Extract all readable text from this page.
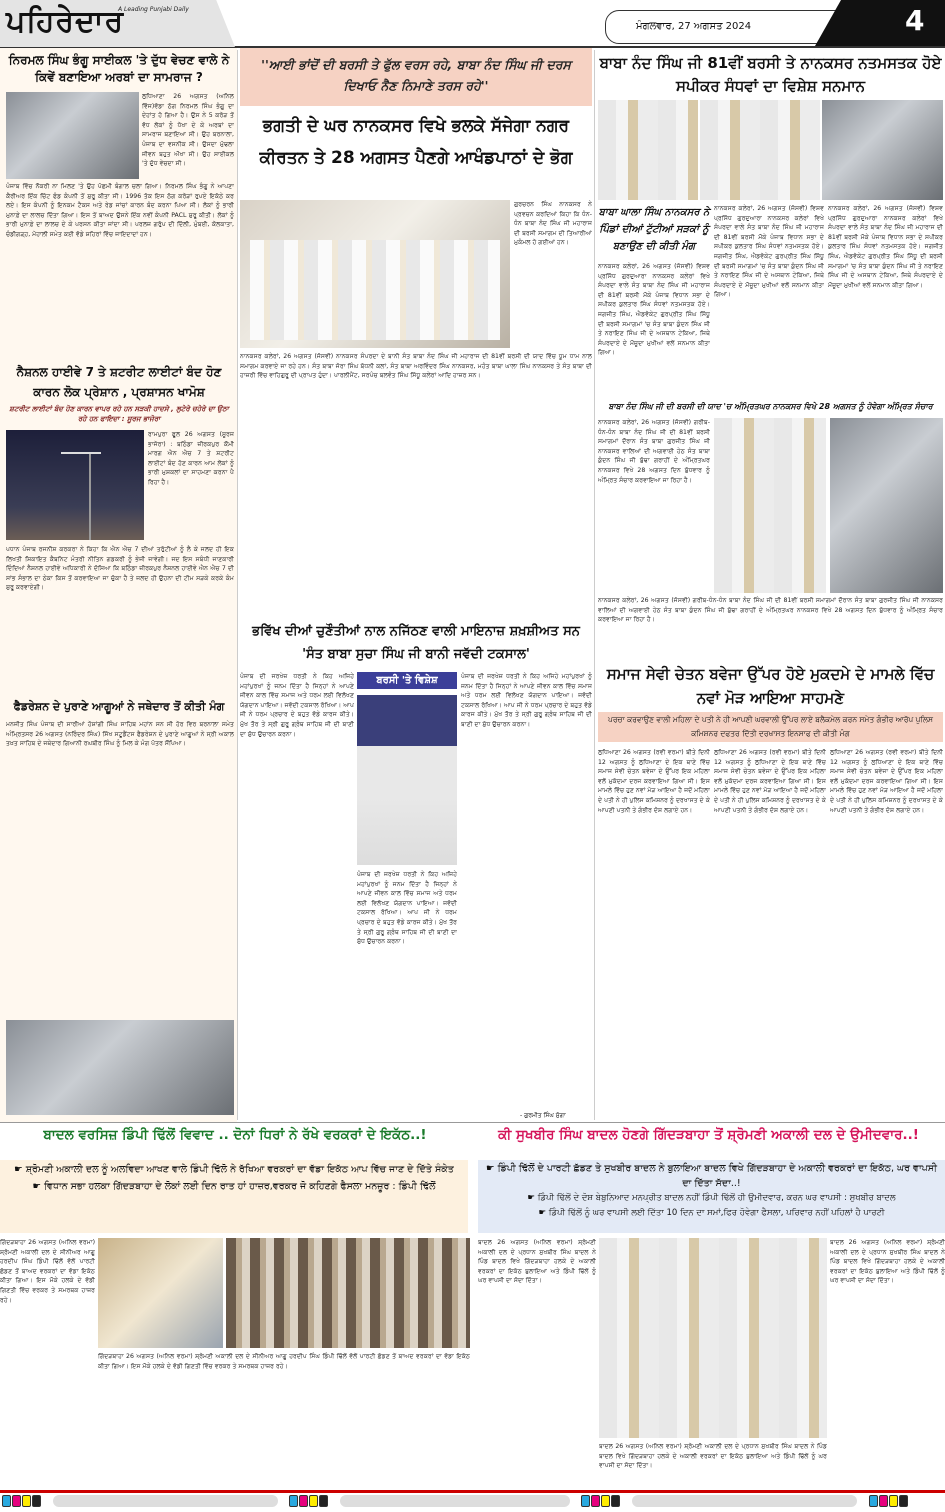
ਪਹਿਰੇਦਾਰ
A Leading Punjabi Daily
ਮੰਗਲਵਾਰ, 27 ਅਗਸਤ 2024	4
ਨਿਰਮਲ ਸਿੰਘ ਭੰਗੂ ਸਾਈਕਲ 'ਤੇ ਦੁੱਧ ਵੇਚਣ ਵਾਲੇ ਨੇ ਕਿਵੇਂ ਬਣਾਇਆ ਅਰਬਾਂ ਦਾ ਸਾਮਰਾਜ ?
ਲੁਧਿਆਣਾ 26 ਅਗਸਤ (ਅਨਿਲ ਵਿੱਜ)ਵੱਡਾ ਠੱਗ ਨਿਰਮਲ ਸਿੰਘ ਭੰਗੂ ਦਾ ਦੇਹਾਂਤ ਹੋ ਗਿਆ ਹੈ। ਉਸ ਨੇ 5 ਕਰੋੜ ਤੋਂ ਵੱਧ ਲੋਕਾਂ ਨੂੰ ਧੋਖਾ ਦੇ ਕੇ ਅਰਬਾਂ ਦਾ ਸਾਮਰਾਜ ਬਣਾਇਆ ਸੀ। ਉਹ ਬਰਨਾਲਾ, ਪੰਜਾਬ ਦਾ ਵਸਨੀਕ ਸੀ। ਉਸਦਾ ਮੁੱਢਲਾ ਜੀਵਨ ਬਹੁਤ ਔਖਾ ਸੀ। ਉਹ ਸਾਈਕਲ 'ਤੇ ਦੁੱਧ ਵੇਚਦਾ ਸੀ।
ਪੰਜਾਬ ਵਿੱਚ ਨੌਕਰੀ ਨਾ ਮਿਲਣ 'ਤੇ ਉਹ ਪੱਛਮੀ ਬੰਗਾਲ ਚਲਾ ਗਿਆ। ਨਿਰਮਲ ਸਿੰਘ ਭੰਗੂ ਨੇ ਆਪਣਾ ਕੈਰੀਅਰ ਇੱਕ ਚਿੱਟ ਫੰਡ ਕੰਪਨੀ ਤੋਂ ਸ਼ੁਰੂ ਕੀਤਾ ਸੀ। 1996 ਤੱਕ ਇਸ ਠੱਗ ਕਰੋੜਾਂ ਰੁਪਏ ਇਕੱਠੇ ਕਰ ਲਏ। ਇਸ ਕੰਪਨੀ ਨੂੰ ਇਨਕਮ ਟੈਕਸ ਅਤੇ ਰੇਡ ਜਾਂਚਾਂ ਕਾਰਨ ਬੰਦ ਕਰਨਾ ਪਿਆ ਸੀ। ਲੋਕਾਂ ਨੂੰ ਭਾਰੀ ਮੁਨਾਫ਼ੇ ਦਾ ਲਾਲਚ ਦਿੱਤਾ ਗਿਆ। ਇਸ ਤੋਂ ਬਾਅਦ ਉਸਨੇ ਇੱਕ ਨਵੀਂ ਕੰਪਨੀ PACL ਸ਼ੁਰੂ ਕੀਤੀ। ਲੋਕਾਂ ਨੂੰ ਭਾਰੀ ਮੁਨਾਫ਼ੇ ਦਾ ਲਾਲਚ ਦੇ ਕੇ ਪਰਸਨ ਕੀਤਾ ਜਾਂਦਾ ਸੀ। ਪਰਲਜ਼ ਗਰੁੱਪ ਦੀ ਦਿੱਲੀ, ਮੁੰਬਈ, ਕੋਲਕਾਤਾ, ਚੰਡੀਗੜ੍ਹ, ਮੋਹਾਲੀ ਸਮੇਤ ਕਈ ਵੱਡੇ ਸ਼ਹਿਰਾਂ ਵਿੱਚ ਜਾਇਦਾਦਾਂ ਹਨ।
ਨੈਸ਼ਨਲ ਹਾਈਵੇ 7 ਤੇ ਸ਼ਟਰੀਟ ਲਾਈਟਾਂ ਬੰਦ ਹੋਣ ਕਾਰਨ ਲੋਕ ਪ੍ਰੇਸ਼ਾਨ , ਪ੍ਰਸ਼ਾਸਨ ਖਾਮੋਸ਼
ਸ਼ਟਰੀਟ ਲਾਈਟਾਂ ਬੰਦ ਹੋਣ ਕਾਰਨ ਵਾਪਰ ਰਹੇ ਹਨ ਸੜਕੀ ਹਾਦਸੇ , ਲੁਟੇਰੇ ਚਹੇਰੇ ਦਾ ਉਠਾ ਰਹੇ ਹਨ ਫਾਇਦਾ : ਸੂਰਜ ਭਾਜੋਰਾ
ਰਾਮਪੁਰਾ ਫੂਲ 26 ਅਗਸਤ (ਸੂਰਜ ਭਾਜੋਰਾ) : ਬਠਿੰਡਾ ਜ਼ੀਰਕਪੁਰ ਕੌਮੀ ਮਾਰਗ ਐਨ ਐਚ 7 ਤੇ ਸ਼ਟਰੀਟ ਲਾਈਟਾਂ ਬੰਦ ਹੋਣ ਕਾਰਨ ਆਮ ਲੋਕਾਂ ਨੂੰ ਭਾਰੀ ਮੁਸ਼ਕਲਾਂ ਦਾ ਸਾਹਮਣਾ ਕਰਨਾ ਪੈ ਰਿਹਾ ਹੈ।
ਪਧਾਨ ਪੰਜਾਬ ਰਜਨੀਸ਼ ਕਰਕਰਾ ਨੇ ਕਿਹਾ ਕਿ ਐਨ ਐਚ 7 ਦੀਆਂ ਤਰੁੱਟੀਆਂ ਨੂੰ ਲੈ ਕੇ ਜਲਦ ਹੀ ਇਕ ਲਿਖਤੀ ਸ਼ਿਕਾਇਤ ਕੈਬਨਿਟ ਮੰਤਰੀ ਨੀਤਿਨ ਗਡਕਰੀ ਨੂੰ ਭੇਜੀ ਜਾਵੇਗੀ। ਜਦ ਇਸ ਸਬੰਧੀ ਜਾਣਕਾਰੀ ਦਿੰਦਿਆਂ ਨੈਸ਼ਨਲ ਹਾਈਵੇ ਅਧਿਕਾਰੀ ਨੇ ਦੱਸਿਆ ਕਿ ਬਠਿੰਡਾ ਜ਼ੀਰਕਪੁਰ ਨੈਸ਼ਨਲ ਹਾਈਵੇ ਐਨ ਐਚ 7 ਦੀ ਸਾਂਭ ਸੰਭਾਲ ਦਾ ਠੇਕਾ ਕਿਸ ਤੋਂ ਕਰਵਾਇਆ ਜਾ ਚੁੱਕਾ ਹੈ ਤੇ ਜਲਦ ਹੀ ਉਹਨਾ ਦੀ ਟੀਮ ਸੜਕੇ ਕਰਕੇ ਕੰਮ ਸ਼ੁਰੂ ਕਰਵਾਏਗੀ।
ਫੈਡਰੇਸ਼ਨ ਦੇ ਪੁਰਾਣੇ ਆਗੂਆਂ ਨੇ ਜਥੇਦਾਰ ਤੋਂ ਕੀਤੀ ਮੰਗ
ਮਨਜੀਤ ਸਿੰਘ ਪੰਜਾਬ ਦੀ ਸਾਰੀਆਂ ਹੋਸ਼ਾਂਗੀ ਸਿੰਘ ਸਾਹਿਬ ਮਹਾਂਨ ਸਨ ਸੀ ਹੋਰ ਵਿਰ ਬਰਨਾਲਾ ਸਮੇਤ ਅੰਮ੍ਰਿਤਸਰ 26 ਅਗਸਤ (ਨਰਿੰਦਰ ਸਿੰਘ) ਸਿੱਖ ਸਟੂਡੈਂਟਸ ਫੈਡਰੇਸ਼ਨ ਦੇ ਪੁਰਾਣੇ ਆਗੂਆਂ ਨੇ ਸ੍ਰੀ ਅਕਾਲ ਤਖ਼ਤ ਸਾਹਿਬ ਦੇ ਜਥੇਦਾਰ ਗਿਆਨੀ ਰਘਬੀਰ ਸਿੰਘ ਨੂੰ ਮਿਲ ਕੇ ਮੰਗ ਪੱਤਰ ਸੌਂਪਿਆ।
''ਆਈ ਭਾਂਦੋਂ ਦੀ ਬਰਸੀ ਤੇ ਫੁੱਲ ਵਰਸ ਰਹੇ, ਬਾਬਾ ਨੰਦ ਸਿੰਘ ਜੀ ਦਰਸ ਦਿਖਾਓ ਨੈਣ ਨਿਮਾਣੇ ਤਰਸ ਰਹੇ''
ਭਗਤੀ ਦੇ ਘਰ ਨਾਨਕਸਰ ਵਿਖੇ ਭਲਕੇ ਸੱਜੇਗਾ ਨਗਰ ਕੀਰਤਨ ਤੇ 28 ਅਗਸਤ ਪੈਣਗੇ ਆਖੰਡਪਾਠਾਂ ਦੇ ਭੋਗ
ਗੁਰਚਰਨ ਸਿੰਘ ਨਾਨਕਸਰ ਨੇ ਪ੍ਰਵਚਨ ਕਰਦਿਆਂ ਕਿਹਾ ਕਿ ਧੰਨ-ਧੰਨ ਬਾਬਾ ਨੰਦ ਸਿੰਘ ਜੀ ਮਹਾਰਾਜ ਦੀ ਬਰਸੀ ਸਮਾਗਮ ਦੀ ਤਿਆਰੀਆਂ ਮੁਕੰਮਲ ਹੋ ਗਈਆਂ ਹਨ।
ਨਾਨਕਸਰ ਕਲੇਰਾਂ, 26 ਅਗਸਤ (ਜੱਸਵੀ) ਨਾਨਕਸਰ ਸੰਪਰਦਾ ਦੇ ਬਾਨੀ ਸੰਤ ਬਾਬਾ ਨੰਦ ਸਿੰਘ ਜੀ ਮਹਾਰਾਜ ਦੀ 81ਵੀਂ ਬਰਸੀ ਦੀ ਯਾਦ ਵਿੱਚ ਧੂਮ ਧਾਮ ਨਾਲ ਸਮਾਗਮ ਕਰਵਾਏ ਜਾ ਰਹੇ ਹਨ। ਸੰਤ ਬਾਬਾ ਜੋਰਾ ਸਿੰਘ ਬੱਧਨੀ ਕਲਾਂ, ਸੰਤ ਬਾਬਾ ਅਰਵਿੰਦਰ ਸਿੰਘ ਨਾਨਕਸਰ, ਮਹੰਤ ਬਾਬਾ ਘਾਲਾ ਸਿੰਘ ਨਾਨਕਸਰ ਤੇ ਸੰਤ ਬਾਬਾ ਦੀ ਹਾਜ਼ਰੀ ਵਿੱਚ ਵਾਹਿਗੁਰੂ ਦੀ ਪ੍ਰਾਪਤ ਹੁੰਦਾ। ਪਾਰਲੀਮੈਂਟ, ਸਰਪੰਚ ਬਲਵੰਤ ਸਿੰਘ ਸਿੱਧੂ ਕਲੇਰਾਂ ਆਦਿ ਹਾਜ਼ਰ ਸਨ।
ਭਵਿੱਖ ਦੀਆਂ ਚੁਣੌਤੀਆਂ ਨਾਲ ਨਜਿੱਠਣ ਵਾਲੀ ਮਾਇਨਾਜ਼ ਸ਼ਖ਼ਸ਼ੀਅਤ ਸਨ 'ਸੰਤ ਬਾਬਾ ਸੁਚਾ ਸਿੰਘ ਜੀ ਬਾਨੀ ਜਵੱਦੀ ਟਕਸਾਲ'
ਪੰਜਾਬ ਦੀ ਜਰਖੇਜ਼ ਧਰਤੀ ਨੇ ਕਿਹ ਅਜਿਹੇ ਮਹਾਂਪੁਰਖਾਂ ਨੂੰ ਜਨਮ ਦਿੱਤਾ ਹੈ ਜਿਨ੍ਹਾਂ ਨੇ ਆਪਣੇ ਜੀਵਨ ਕਾਲ ਵਿੱਚ ਸਮਾਜ ਅਤੇ ਧਰਮ ਲਈ ਵਿਲੱਖਣ ਯੋਗਦਾਨ ਪਾਇਆ। ਜਵੱਦੀ ਟਕਸਾਲ ਰੱਖਿਆ। ਆਪ ਜੀ ਨੇ ਧਰਮ ਪ੍ਰਚਾਰ ਦੇ ਬਹੁਤ ਵੱਡੇ ਕਾਰਜ ਕੀਤੇ। ਮੁੱਖ ਤੌਰ ਤੇ ਸ੍ਰੀ ਗੁਰੂ ਗ੍ਰੰਥ ਸਾਹਿਬ ਜੀ ਦੀ ਬਾਣੀ ਦਾ ਸ਼ੁੱਧ ਉਚਾਰਨ ਕਰਨਾ।
ਬਰਸੀ 'ਤੇ ਵਿਸ਼ੇਸ਼	ਪੰਜਾਬ ਦੀ ਜਰਖੇਜ਼ ਧਰਤੀ ਨੇ ਕਿਹ ਅਜਿਹੇ ਮਹਾਂਪੁਰਖਾਂ ਨੂੰ ਜਨਮ ਦਿੱਤਾ ਹੈ ਜਿਨ੍ਹਾਂ ਨੇ ਆਪਣੇ ਜੀਵਨ ਕਾਲ ਵਿੱਚ ਸਮਾਜ ਅਤੇ ਧਰਮ ਲਈ ਵਿਲੱਖਣ ਯੋਗਦਾਨ ਪਾਇਆ। ਜਵੱਦੀ ਟਕਸਾਲ ਰੱਖਿਆ। ਆਪ ਜੀ ਨੇ ਧਰਮ ਪ੍ਰਚਾਰ ਦੇ ਬਹੁਤ ਵੱਡੇ ਕਾਰਜ ਕੀਤੇ। ਮੁੱਖ ਤੌਰ ਤੇ ਸ੍ਰੀ ਗੁਰੂ ਗ੍ਰੰਥ ਸਾਹਿਬ ਜੀ ਦੀ ਬਾਣੀ ਦਾ ਸ਼ੁੱਧ ਉਚਾਰਨ ਕਰਨਾ।
ਪੰਜਾਬ ਦੀ ਜਰਖੇਜ਼ ਧਰਤੀ ਨੇ ਕਿਹ ਅਜਿਹੇ ਮਹਾਂਪੁਰਖਾਂ ਨੂੰ ਜਨਮ ਦਿੱਤਾ ਹੈ ਜਿਨ੍ਹਾਂ ਨੇ ਆਪਣੇ ਜੀਵਨ ਕਾਲ ਵਿੱਚ ਸਮਾਜ ਅਤੇ ਧਰਮ ਲਈ ਵਿਲੱਖਣ ਯੋਗਦਾਨ ਪਾਇਆ। ਜਵੱਦੀ ਟਕਸਾਲ ਰੱਖਿਆ। ਆਪ ਜੀ ਨੇ ਧਰਮ ਪ੍ਰਚਾਰ ਦੇ ਬਹੁਤ ਵੱਡੇ ਕਾਰਜ ਕੀਤੇ। ਮੁੱਖ ਤੌਰ ਤੇ ਸ੍ਰੀ ਗੁਰੂ ਗ੍ਰੰਥ ਸਾਹਿਬ ਜੀ ਦੀ ਬਾਣੀ ਦਾ ਸ਼ੁੱਧ ਉਚਾਰਨ ਕਰਨਾ।
- ਗੁਰਮੀਤ ਸਿੰਘ ਸੁੱਗਾ
ਬਾਬਾ ਨੰਦ ਸਿੰਘ ਜੀ 81ਵੀਂ ਬਰਸੀ ਤੇ ਨਾਨਕਸਰ ਨਤਮਸਤਕ ਹੋਏ ਸਪੀਕਰ ਸੰਧਵਾਂ ਦਾ ਵਿਸ਼ੇਸ਼ ਸਨਮਾਨ
ਬਾਬਾ ਘਾਲਾ ਸਿੰਘ ਨਾਨਕਸਰ ਨੇ ਪਿੰਡਾਂ ਦੀਆਂ ਟੁੱਟੀਆਂ ਸੜਕਾਂ ਨੂੰ ਬਣਾਉਣ ਦੀ ਕੀਤੀ ਮੰਗ
ਨਾਨਕਸਰ ਕਲੇਰਾਂ, 26 ਅਗਸਤ (ਜੱਸਵੀ) ਵਿਸ਼ਵ ਪ੍ਰਸਿੱਧ ਗੁਰਦੁਆਰਾ ਨਾਨਕਸਰ ਕਲੇਰਾਂ ਵਿਖੇ ਸੰਪਰਦਾ ਵਾਲੇ ਸੰਤ ਬਾਬਾ ਨੰਦ ਸਿੰਘ ਜੀ ਮਹਾਰਾਜ ਦੀ 81ਵੀਂ ਬਰਸੀ ਮੌਕੇ ਪੰਜਾਬ ਵਿਧਾਨ ਸਭਾ ਦੇ ਸਪੀਕਰ ਕੁਲਤਾਰ ਸਿੰਘ ਸੰਧਵਾਂ ਨਤਮਸਤਕ ਹੋਏ। ਜਗਜੀਤ ਸਿੰਘ, ਐਡਵੋਕੇਟ ਗੁਰਪ੍ਰੀਤ ਸਿੰਘ ਸਿੱਧੂ ਦੀ ਬਰਸੀ ਸਮਾਗਮਾਂ 'ਚ ਸੰਤ ਬਾਬਾ ਕੁੰਦਨ ਸਿੰਘ ਜੀ ਤੇ ਨਰਾਇਣ ਸਿੰਘ ਜੀ ਦੇ ਅਸਥਾਨ ਟੇਕਿਆ, ਜਿਥੇ ਸੰਪਰਦਾਏ ਦੇ ਮੌਜੂਦਾ ਮੁਖੀਆਂ ਵਲੋਂ ਸਨਮਾਨ ਕੀਤਾ ਗਿਆ।
ਨਾਨਕਸਰ ਕਲੇਰਾਂ, 26 ਅਗਸਤ (ਜੱਸਵੀ) ਵਿਸ਼ਵ ਪ੍ਰਸਿੱਧ ਗੁਰਦੁਆਰਾ ਨਾਨਕਸਰ ਕਲੇਰਾਂ ਵਿਖੇ ਸੰਪਰਦਾ ਵਾਲੇ ਸੰਤ ਬਾਬਾ ਨੰਦ ਸਿੰਘ ਜੀ ਮਹਾਰਾਜ ਦੀ 81ਵੀਂ ਬਰਸੀ ਮੌਕੇ ਪੰਜਾਬ ਵਿਧਾਨ ਸਭਾ ਦੇ ਸਪੀਕਰ ਕੁਲਤਾਰ ਸਿੰਘ ਸੰਧਵਾਂ ਨਤਮਸਤਕ ਹੋਏ। ਜਗਜੀਤ ਸਿੰਘ, ਐਡਵੋਕੇਟ ਗੁਰਪ੍ਰੀਤ ਸਿੰਘ ਸਿੱਧੂ ਦੀ ਬਰਸੀ ਸਮਾਗਮਾਂ 'ਚ ਸੰਤ ਬਾਬਾ ਕੁੰਦਨ ਸਿੰਘ ਜੀ ਤੇ ਨਰਾਇਣ ਸਿੰਘ ਜੀ ਦੇ ਅਸਥਾਨ ਟੇਕਿਆ, ਜਿਥੇ ਸੰਪਰਦਾਏ ਦੇ ਮੌਜੂਦਾ ਮੁਖੀਆਂ ਵਲੋਂ ਸਨਮਾਨ ਕੀਤਾ ਗਿਆ।
ਨਾਨਕਸਰ ਕਲੇਰਾਂ, 26 ਅਗਸਤ (ਜੱਸਵੀ) ਵਿਸ਼ਵ ਪ੍ਰਸਿੱਧ ਗੁਰਦੁਆਰਾ ਨਾਨਕਸਰ ਕਲੇਰਾਂ ਵਿਖੇ ਸੰਪਰਦਾ ਵਾਲੇ ਸੰਤ ਬਾਬਾ ਨੰਦ ਸਿੰਘ ਜੀ ਮਹਾਰਾਜ ਦੀ 81ਵੀਂ ਬਰਸੀ ਮੌਕੇ ਪੰਜਾਬ ਵਿਧਾਨ ਸਭਾ ਦੇ ਸਪੀਕਰ ਕੁਲਤਾਰ ਸਿੰਘ ਸੰਧਵਾਂ ਨਤਮਸਤਕ ਹੋਏ। ਜਗਜੀਤ ਸਿੰਘ, ਐਡਵੋਕੇਟ ਗੁਰਪ੍ਰੀਤ ਸਿੰਘ ਸਿੱਧੂ ਦੀ ਬਰਸੀ ਸਮਾਗਮਾਂ 'ਚ ਸੰਤ ਬਾਬਾ ਕੁੰਦਨ ਸਿੰਘ ਜੀ ਤੇ ਨਰਾਇਣ ਸਿੰਘ ਜੀ ਦੇ ਅਸਥਾਨ ਟੇਕਿਆ, ਜਿਥੇ ਸੰਪਰਦਾਏ ਦੇ ਮੌਜੂਦਾ ਮੁਖੀਆਂ ਵਲੋਂ ਸਨਮਾਨ ਕੀਤਾ ਗਿਆ।
ਬਾਬਾ ਨੰਦ ਸਿੰਘ ਜੀ ਦੀ ਬਰਸੀ ਦੀ ਯਾਦ 'ਚ ਅੰਮ੍ਰਿਤਘਰ ਨਾਨਕਸਰ ਵਿਖੇ 28 ਅਗਸਤ ਨੂੰ ਹੋਵੇਗਾ ਅੰਮ੍ਰਿਤ ਸੰਚਾਰ
ਨਾਨਕਸਰ ਕਲੇਰਾਂ, 26 ਅਗਸਤ (ਜੱਸਵੀ) ਗਰੀਬ-ਧੰਨ-ਧੰਨ ਬਾਬਾ ਨੰਦ ਸਿੰਘ ਜੀ ਦੀ 81ਵੀਂ ਬਰਸੀ ਸਮਾਗਮਾਂ ਦੌਰਾਨ ਸੰਤ ਬਾਬਾ ਗੁਰਜੀਤ ਸਿੰਘ ਜੀ ਨਾਨਕਸਰ ਵਾਲਿਆਂ ਦੀ ਅਗਵਾਈ ਹੇਠ ਸੰਤ ਬਾਬਾ ਕੁੰਦਨ ਸਿੰਘ ਜੀ ਬੁੱਢਾ ਗਰਾਹੀਂ ਦੇ ਅੰਮ੍ਰਿਤਘਰ ਨਾਨਕਸਰ ਵਿਖੇ 28 ਅਗਸਤ ਦਿਨ ਬੁੱਧਵਾਰ ਨੂੰ ਅੰਮ੍ਰਿਤ ਸੰਚਾਰ ਕਰਵਾਇਆ ਜਾ ਰਿਹਾ ਹੈ।
ਨਾਨਕਸਰ ਕਲੇਰਾਂ, 26 ਅਗਸਤ (ਜੱਸਵੀ) ਗਰੀਬ-ਧੰਨ-ਧੰਨ ਬਾਬਾ ਨੰਦ ਸਿੰਘ ਜੀ ਦੀ 81ਵੀਂ ਬਰਸੀ ਸਮਾਗਮਾਂ ਦੌਰਾਨ ਸੰਤ ਬਾਬਾ ਗੁਰਜੀਤ ਸਿੰਘ ਜੀ ਨਾਨਕਸਰ ਵਾਲਿਆਂ ਦੀ ਅਗਵਾਈ ਹੇਠ ਸੰਤ ਬਾਬਾ ਕੁੰਦਨ ਸਿੰਘ ਜੀ ਬੁੱਢਾ ਗਰਾਹੀਂ ਦੇ ਅੰਮ੍ਰਿਤਘਰ ਨਾਨਕਸਰ ਵਿਖੇ 28 ਅਗਸਤ ਦਿਨ ਬੁੱਧਵਾਰ ਨੂੰ ਅੰਮ੍ਰਿਤ ਸੰਚਾਰ ਕਰਵਾਇਆ ਜਾ ਰਿਹਾ ਹੈ।
ਸਮਾਜ ਸੇਵੀ ਚੇਤਨ ਬਵੇਜਾ ਉੱਪਰ ਹੋਏ ਮੁਕਦਮੇ ਦੇ ਮਾਮਲੇ ਵਿੱਚ ਨਵਾਂ ਮੋੜ ਆਇਆ ਸਾਹਮਣੇ
ਪਰਚਾ ਕਰਵਾਉਣ ਵਾਲੀ ਮਹਿਲਾ ਦੇ ਪਤੀ ਨੇ ਹੀ ਆਪਣੀ ਘਰਵਾਲੀ ਉੱਪਰ ਲਾਏ ਬਲੈਕਮੇਲ ਕਰਨ ਸਮੇਤ ਗੰਭੀਰ ਆਰੋਪ ਪੁਲਿਸ ਕਮਿਸ਼ਨਰ ਦਫਤਰ ਦਿੱਤੀ ਦਰਖਾਸਤ ਇਨਸਾਫ ਦੀ ਕੀਤੀ ਮੰਗ
ਲੁਧਿਆਣਾ 26 ਅਗਸਤ (ਰਵੀ ਵਰਮਾ) ਬੀਤੇ ਦਿਨੀ 12 ਅਗਸਤ ਨੂੰ ਲੁਧਿਆਣਾ ਦੇ ਇਕ ਥਾਣੇ ਵਿੱਚ ਸਮਾਜ ਸੇਵੀ ਚੇਤਨ ਬਵੇਜਾ ਦੇ ਉੱਪਰ ਇਕ ਮਹਿਲਾ ਵਲੋਂ ਮੁਕੱਦਮਾ ਦਰਜ ਕਰਵਾਇਆ ਗਿਆ ਸੀ। ਇਸ ਮਾਮਲੇ ਵਿੱਚ ਹੁਣ ਨਵਾਂ ਮੋੜ ਆਇਆ ਹੈ ਜਦੋਂ ਮਹਿਲਾ ਦੇ ਪਤੀ ਨੇ ਹੀ ਪੁਲਿਸ ਕਮਿਸ਼ਨਰ ਨੂੰ ਦਰਖਾਸਤ ਦੇ ਕੇ ਆਪਣੀ ਪਤਨੀ ਤੇ ਗੰਭੀਰ ਦੋਸ਼ ਲਗਾਏ ਹਨ।
ਲੁਧਿਆਣਾ 26 ਅਗਸਤ (ਰਵੀ ਵਰਮਾ) ਬੀਤੇ ਦਿਨੀ 12 ਅਗਸਤ ਨੂੰ ਲੁਧਿਆਣਾ ਦੇ ਇਕ ਥਾਣੇ ਵਿੱਚ ਸਮਾਜ ਸੇਵੀ ਚੇਤਨ ਬਵੇਜਾ ਦੇ ਉੱਪਰ ਇਕ ਮਹਿਲਾ ਵਲੋਂ ਮੁਕੱਦਮਾ ਦਰਜ ਕਰਵਾਇਆ ਗਿਆ ਸੀ। ਇਸ ਮਾਮਲੇ ਵਿੱਚ ਹੁਣ ਨਵਾਂ ਮੋੜ ਆਇਆ ਹੈ ਜਦੋਂ ਮਹਿਲਾ ਦੇ ਪਤੀ ਨੇ ਹੀ ਪੁਲਿਸ ਕਮਿਸ਼ਨਰ ਨੂੰ ਦਰਖਾਸਤ ਦੇ ਕੇ ਆਪਣੀ ਪਤਨੀ ਤੇ ਗੰਭੀਰ ਦੋਸ਼ ਲਗਾਏ ਹਨ।
ਲੁਧਿਆਣਾ 26 ਅਗਸਤ (ਰਵੀ ਵਰਮਾ) ਬੀਤੇ ਦਿਨੀ 12 ਅਗਸਤ ਨੂੰ ਲੁਧਿਆਣਾ ਦੇ ਇਕ ਥਾਣੇ ਵਿੱਚ ਸਮਾਜ ਸੇਵੀ ਚੇਤਨ ਬਵੇਜਾ ਦੇ ਉੱਪਰ ਇਕ ਮਹਿਲਾ ਵਲੋਂ ਮੁਕੱਦਮਾ ਦਰਜ ਕਰਵਾਇਆ ਗਿਆ ਸੀ। ਇਸ ਮਾਮਲੇ ਵਿੱਚ ਹੁਣ ਨਵਾਂ ਮੋੜ ਆਇਆ ਹੈ ਜਦੋਂ ਮਹਿਲਾ ਦੇ ਪਤੀ ਨੇ ਹੀ ਪੁਲਿਸ ਕਮਿਸ਼ਨਰ ਨੂੰ ਦਰਖਾਸਤ ਦੇ ਕੇ ਆਪਣੀ ਪਤਨੀ ਤੇ ਗੰਭੀਰ ਦੋਸ਼ ਲਗਾਏ ਹਨ।
ਬਾਦਲ ਵਰਸਿਜ਼ ਡਿੰਪੀ ਢਿੱਲੋਂ ਵਿਵਾਦ .. ਦੋਨਾਂ ਧਿਰਾਂ ਨੇ ਰੱਖੇ ਵਰਕਰਾਂ ਦੇ ਇਕੱਠ..!	ਕੀ ਸੁਖਬੀਰ ਸਿੰਘ ਬਾਦਲ ਹੋਣਗੇ ਗਿੱਦੜਬਾਹਾ ਤੋਂ ਸ਼੍ਰੋਮਣੀ ਅਕਾਲੀ ਦਲ ਦੇ ਉਮੀਦਵਾਰ..!
☛ ਸ਼੍ਰੋਮਣੀ ਅਕਾਲੀ ਦਲ ਨੂੰ ਅਲਵਿਦਾ ਆਖਣ ਵਾਲੇ ਡਿੰਪੀ ਢਿੱਲੋ ਨੇ ਰੱਖਿਆ ਵਰਕਰਾਂ ਦਾ ਵੱਡਾ ਇਕੱਠ ਆਪ ਵਿੱਚ ਜਾਣ ਦੇ ਦਿੱਤੇ ਸੰਕੇਤ
☛ ਵਿਧਾਨ ਸਭਾ ਹਲਕਾ ਗਿੱਦੜਬਾਹਾ ਦੇ ਲੋਕਾਂ ਲਈ ਦਿਨ ਰਾਤ ਹਾਂ ਹਾਜ਼ਰ,ਵਰਕਰ ਜੋ ਕਹਿਣਗੇ ਫੈਸਲਾ ਮਨਜ਼ੂਰ : ਡਿੰਪੀ ਢਿੱਲੋਂ
☛ ਡਿੰਪੀ ਢਿੱਲੋਂ ਦੇ ਪਾਰਟੀ ਛੱਡਣ ਤੇ ਸੁਖਬੀਰ ਬਾਦਲ ਨੇ ਬੁਲਾਇਆ ਬਾਦਲ ਵਿਖੇ ਗਿੱਦੜਬਾਹਾ ਦੇ ਅਕਾਲੀ ਵਰਕਰਾਂ ਦਾ ਇਕੱਠ, ਘਰ ਵਾਪਸੀ ਦਾ ਦਿੱਤਾ ਸੱਦਾ..!
☛ ਡਿੰਪੀ ਢਿੱਲੋਂ ਦੇ ਦੋਸ਼ ਬੇਬੁਨਿਆਦ ਮਨਪ੍ਰੀਤ ਬਾਦਲ ਨਹੀਂ ਡਿੰਪੀ ਢਿੱਲੋਂ ਹੀ ਉਮੀਦਵਾਰ, ਕਰਨ ਘਰ ਵਾਪਸੀ : ਸੁਖਬੀਰ ਬਾਦਲ
☛ ਡਿੰਪੀ ਢਿੱਲੋਂ ਨੂੰ ਘਰ ਵਾਪਸੀ ਲਈ ਦਿੱਤਾ 10 ਦਿਨ ਦਾ ਸਮਾਂ,ਫਿਰ ਹੋਵੇਗਾ ਫੈਸਲਾ, ਪਰਿਵਾਰ ਨਹੀਂ ਪਹਿਲਾਂ ਹੈ ਪਾਰਟੀ
ਗਿੱਦੜਬਾਹਾ 26 ਅਗਸਤ (ਅਨਿਲ ਵਰਮਾ) ਸ਼੍ਰੋਮਣੀ ਅਕਾਲੀ ਦਲ ਦੇ ਸੀਨੀਅਰ ਆਗੂ ਹਰਦੀਪ ਸਿੰਘ ਡਿੰਪੀ ਢਿੱਲੋਂ ਵੱਲੋਂ ਪਾਰਟੀ ਛੱਡਣ ਤੋਂ ਬਾਅਦ ਵਰਕਰਾਂ ਦਾ ਵੱਡਾ ਇਕੱਠ ਕੀਤਾ ਗਿਆ। ਇਸ ਮੌਕੇ ਹਲਕੇ ਦੇ ਵੱਡੀ ਗਿਣਤੀ ਵਿੱਚ ਵਰਕਰ ਤੇ ਸਮਰਥਕ ਹਾਜ਼ਰ ਰਹੇ।
ਗਿੱਦੜਬਾਹਾ 26 ਅਗਸਤ (ਅਨਿਲ ਵਰਮਾ) ਸ਼੍ਰੋਮਣੀ ਅਕਾਲੀ ਦਲ ਦੇ ਸੀਨੀਅਰ ਆਗੂ ਹਰਦੀਪ ਸਿੰਘ ਡਿੰਪੀ ਢਿੱਲੋਂ ਵੱਲੋਂ ਪਾਰਟੀ ਛੱਡਣ ਤੋਂ ਬਾਅਦ ਵਰਕਰਾਂ ਦਾ ਵੱਡਾ ਇਕੱਠ ਕੀਤਾ ਗਿਆ। ਇਸ ਮੌਕੇ ਹਲਕੇ ਦੇ ਵੱਡੀ ਗਿਣਤੀ ਵਿੱਚ ਵਰਕਰ ਤੇ ਸਮਰਥਕ ਹਾਜ਼ਰ ਰਹੇ।
ਬਾਦਲ 26 ਅਗਸਤ (ਅਨਿਲ ਵਰਮਾ) ਸ਼੍ਰੋਮਣੀ ਅਕਾਲੀ ਦਲ ਦੇ ਪ੍ਰਧਾਨ ਸੁਖਬੀਰ ਸਿੰਘ ਬਾਦਲ ਨੇ ਪਿੰਡ ਬਾਦਲ ਵਿਖੇ ਗਿੱਦੜਬਾਹਾ ਹਲਕੇ ਦੇ ਅਕਾਲੀ ਵਰਕਰਾਂ ਦਾ ਇਕੱਠ ਬੁਲਾਇਆ ਅਤੇ ਡਿੰਪੀ ਢਿੱਲੋਂ ਨੂੰ ਘਰ ਵਾਪਸੀ ਦਾ ਸੱਦਾ ਦਿੱਤਾ।
ਬਾਦਲ 26 ਅਗਸਤ (ਅਨਿਲ ਵਰਮਾ) ਸ਼੍ਰੋਮਣੀ ਅਕਾਲੀ ਦਲ ਦੇ ਪ੍ਰਧਾਨ ਸੁਖਬੀਰ ਸਿੰਘ ਬਾਦਲ ਨੇ ਪਿੰਡ ਬਾਦਲ ਵਿਖੇ ਗਿੱਦੜਬਾਹਾ ਹਲਕੇ ਦੇ ਅਕਾਲੀ ਵਰਕਰਾਂ ਦਾ ਇਕੱਠ ਬੁਲਾਇਆ ਅਤੇ ਡਿੰਪੀ ਢਿੱਲੋਂ ਨੂੰ ਘਰ ਵਾਪਸੀ ਦਾ ਸੱਦਾ ਦਿੱਤਾ।
ਬਾਦਲ 26 ਅਗਸਤ (ਅਨਿਲ ਵਰਮਾ) ਸ਼੍ਰੋਮਣੀ ਅਕਾਲੀ ਦਲ ਦੇ ਪ੍ਰਧਾਨ ਸੁਖਬੀਰ ਸਿੰਘ ਬਾਦਲ ਨੇ ਪਿੰਡ ਬਾਦਲ ਵਿਖੇ ਗਿੱਦੜਬਾਹਾ ਹਲਕੇ ਦੇ ਅਕਾਲੀ ਵਰਕਰਾਂ ਦਾ ਇਕੱਠ ਬੁਲਾਇਆ ਅਤੇ ਡਿੰਪੀ ਢਿੱਲੋਂ ਨੂੰ ਘਰ ਵਾਪਸੀ ਦਾ ਸੱਦਾ ਦਿੱਤਾ।
